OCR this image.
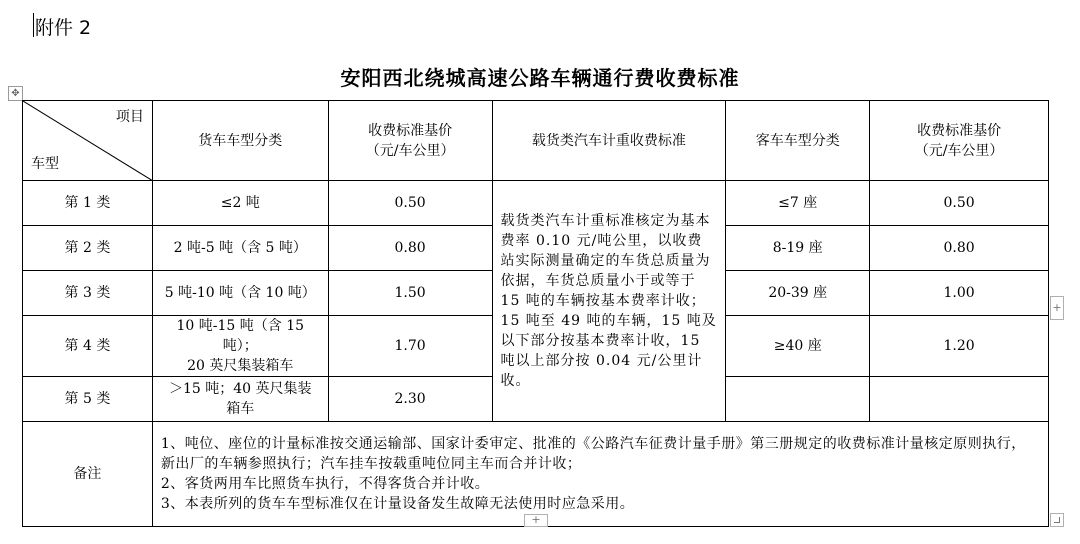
附件 2
安阳西北绕城高速公路车辆通行费收费标准
✥
项目
车型	货车车型分类	收费标准基价
（元/车公里）	载货类汽车计重收费标准	客车车型分类	收费标准基价
（元/车公里）
第 1 类	≤2 吨	0.50	载货类汽车计重标准核定为基本费率 0.10 元/吨公里，以收费站实际测量确定的车货总质量为依据，车货总质量小于或等于 15 吨的车辆按基本费率计收；15 吨至 49 吨的车辆，15 吨及以下部分按基本费率计收，15 吨以上部分按 0.04 元/公里计收。	≤7 座	0.50
第 2 类	2 吨-5 吨（含 5 吨）	0.80		8-19 座	0.80
第 3 类	5 吨-10 吨（含 10 吨）	1.50		20-39 座	1.00
第 4 类	10 吨-15 吨（含 15 吨）；
20 英尺集装箱车	1.70		≥40 座	1.20
第 5 类	＞15 吨；40 英尺集装
箱车	2.30			
备注	1、吨位、座位的计量标准按交通运输部、国家计委审定、批准的《公路汽车征费计量手册》第三册规定的收费标准计量核定原则执行，新出厂的车辆参照执行；汽车挂车按载重吨位同主车而合并计收；
2、客货两用车比照货车执行，不得客货合并计收。
3、本表所列的货车车型标准仅在计量设备发生故障无法使用时应急采用。				
+
+
